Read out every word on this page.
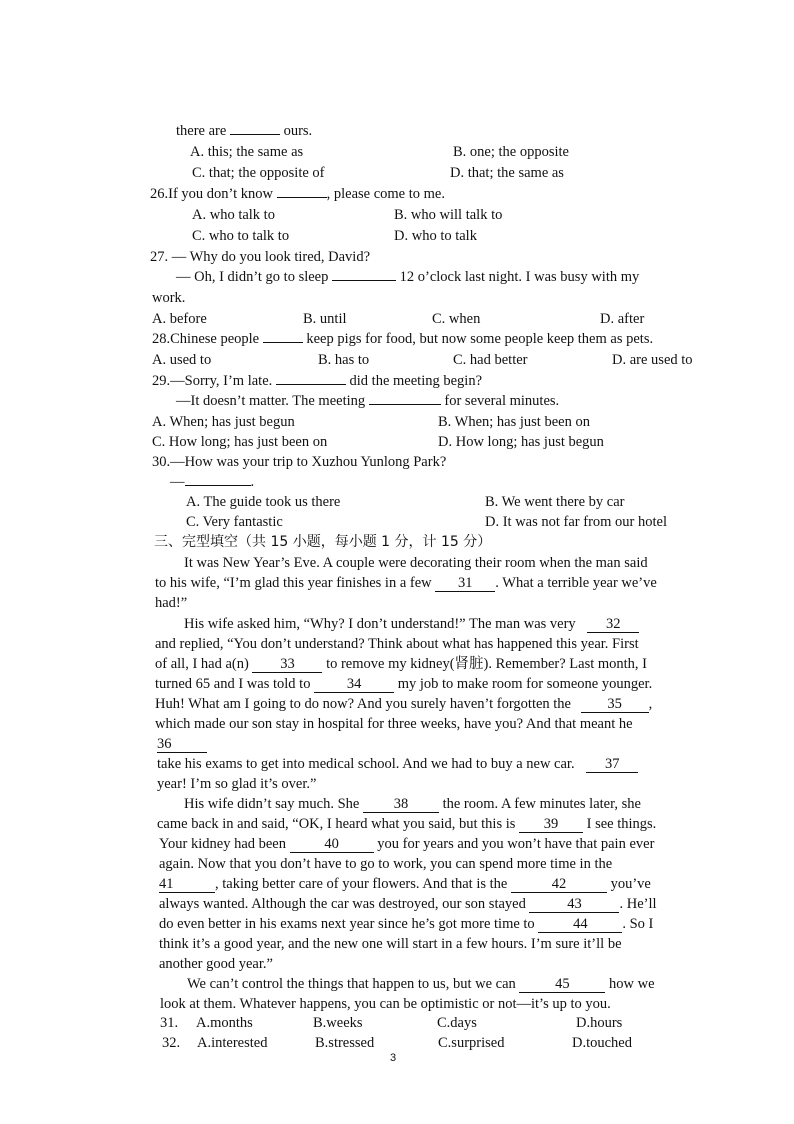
there are	ours.
A. this; the same as	B. one; the opposite
C. that; the opposite of	D. that; the same as
26.If you don’t know	, please come to me.
A. who talk to	B. who will talk to
C. who to talk to	D. who to talk
27. — Why do you look tired, David?
— Oh, I didn’t go to sleep	12 o’clock last night. I was busy with my
work.
A. before	B. until	C. when	D. after
28.Chinese people	keep pigs for food, but now some people keep them as pets.
A. used to	B. has to	C. had better	D. are used to
29.—Sorry, I’m late.	did the meeting begin?
—It doesn’t matter. The meeting	for several minutes.
A. When; has just begun	B. When; has just been on
C. How long; has just been on	D. How long; has just begun
30.—How was your trip to Xuzhou Yunlong Park?
—	.
A. The guide took us there	B. We went there by car
C. Very fantastic	D. It was not far from our hotel
三、完型填空（共 15 小题，每小题 1 分，计 15 分）
It was New Year’s Eve. A couple were decorating their room when the man said
to his wife, “I’m glad this year finishes in a few 31 . What a terrible year we’ve
had!”
His wife asked him, “Why? I don’t understand!” The man was very 32
and replied, “You don’t understand? Think about what has happened this year. First
of all, I had a(n) 33 to remove my kidney(肾脏). Remember? Last month, I
turned 65 and I was told to	34	my job to make room for someone younger.
Huh! What am I going to do now? And you surely haven’t forgotten the	35 ,
which made our son stay in hospital for three weeks, have you? And that meant he
36
take his exams to get into medical school. And we had to buy a new car. 37
year! I’m so glad it’s over.”
His wife didn’t say much. She 38 the room. A few minutes later, she
came back in and said, “OK, I heard what you said, but this is 39 I see things.
Your kidney had been	40	you for years and you won’t have that pain ever
again. Now that you don’t have to go to work, you can spend more time in the
41	, taking better care of your flowers. And that is the	42	you’ve
always wanted. Although the car was destroyed, our son stayed	43	. He’ll
do even better in his exams next year since he’s got more time to	44 . So I
think it’s a good year, and the new one will start in a few hours. I’m sure it’ll be
another good year.”
We can’t control the things that happen to us, but we can	45	how we
look at them. Whatever happens, you can be optimistic or not—it’s up to you.
31. A.months	B.weeks	C.days	D.hours
32. A.interested	B.stressed	C.surprised	D.touched
3
